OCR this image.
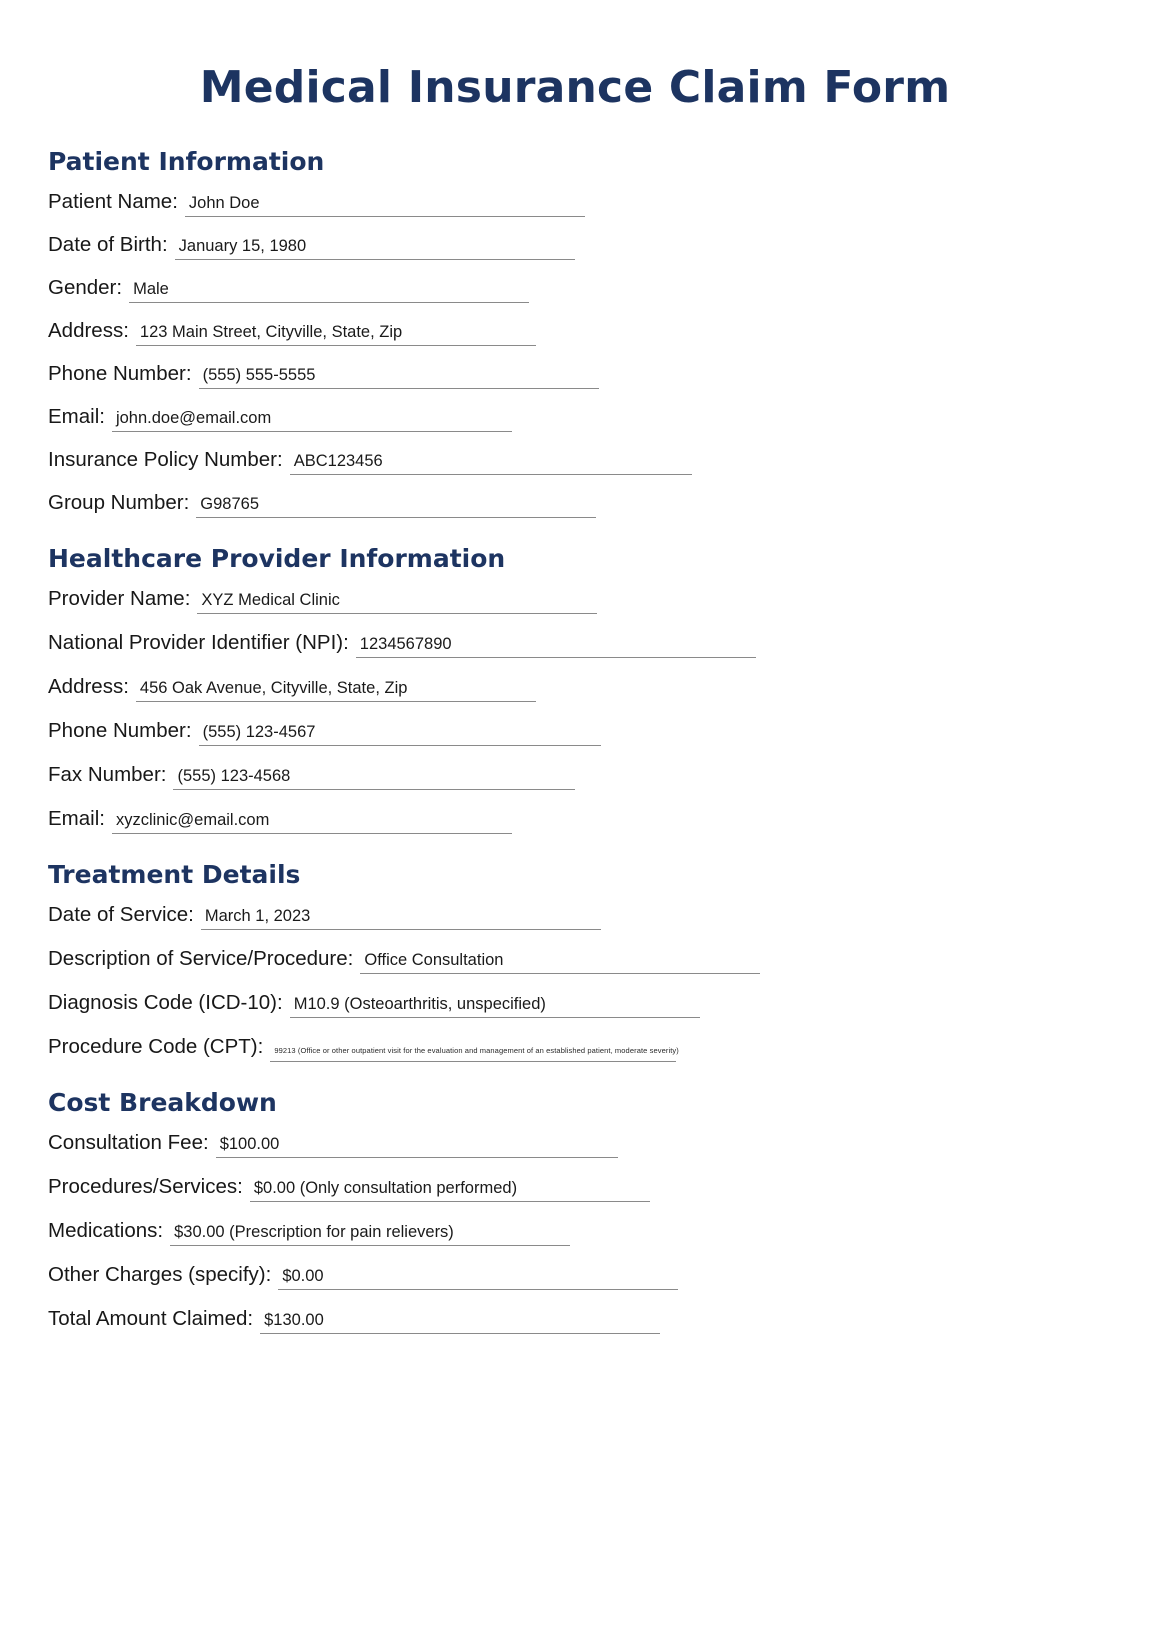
Medical Insurance Claim Form
Patient Information
Patient Name: John Doe
Date of Birth: January 15, 1980
Gender: Male
Address: 123 Main Street, Cityville, State, Zip
Phone Number: (555) 555-5555
Email: john.doe@email.com
Insurance Policy Number: ABC123456
Group Number: G98765
Healthcare Provider Information
Provider Name: XYZ Medical Clinic
National Provider Identifier (NPI): 1234567890
Address: 456 Oak Avenue, Cityville, State, Zip
Phone Number: (555) 123-4567
Fax Number: (555) 123-4568
Email: xyzclinic@email.com
Treatment Details
Date of Service: March 1, 2023
Description of Service/Procedure: Office Consultation
Diagnosis Code (ICD-10): M10.9 (Osteoarthritis, unspecified)
Procedure Code (CPT):	99213 (Office or other outpatient visit for the evaluation and management of an established patient, moderate severity)
Cost Breakdown
Consultation Fee: $100.00
Procedures/Services: $0.00 (Only consultation performed)
Medications: $30.00 (Prescription for pain relievers)
Other Charges (specify): $0.00
Total Amount Claimed: $130.00
